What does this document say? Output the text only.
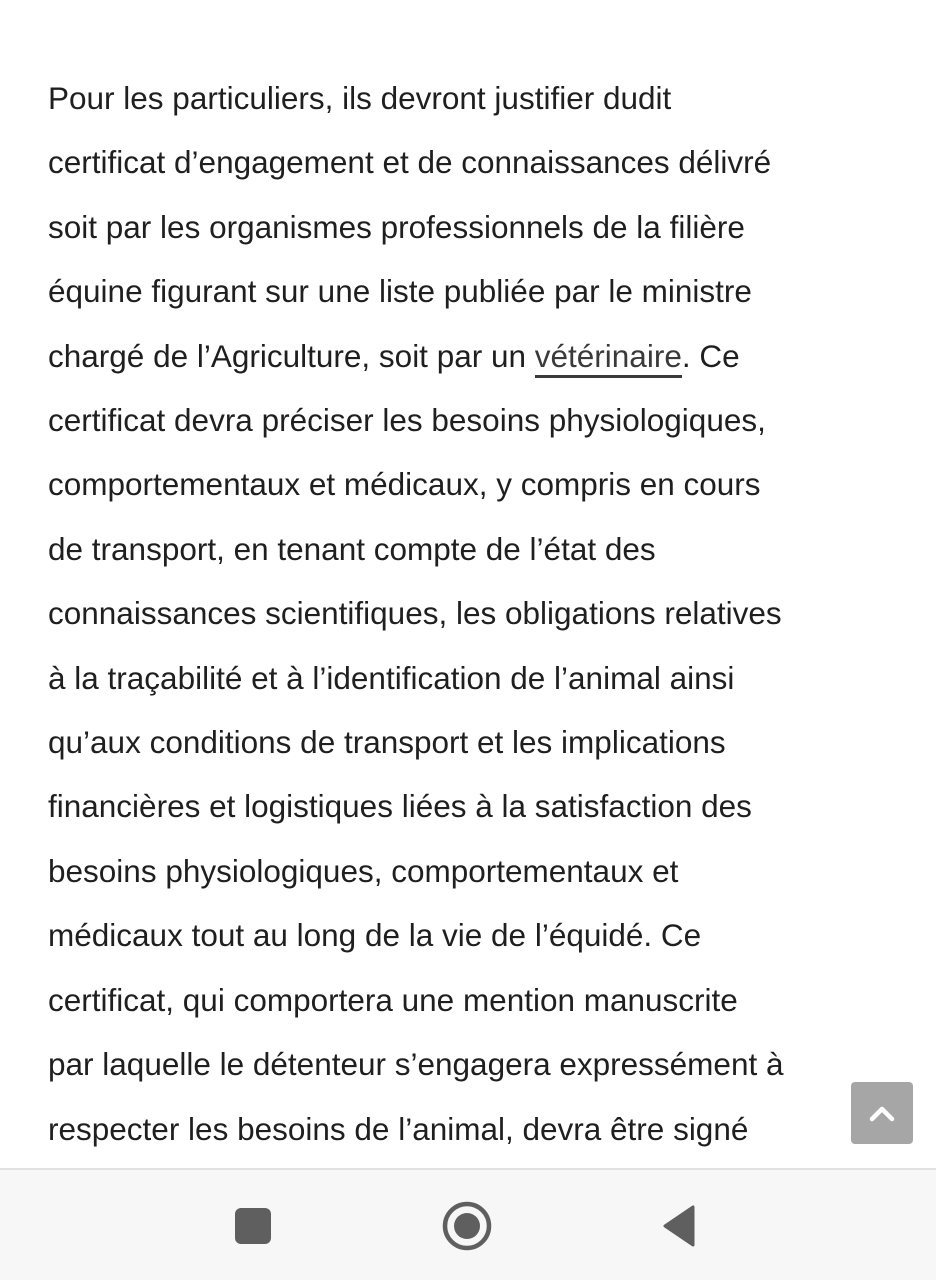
Pour les particuliers, ils devront justifier dudit
certificat d’engagement et de connaissances délivré
soit par les organismes professionnels de la filière
équine figurant sur une liste publiée par le ministre
chargé de l’Agriculture, soit par un vétérinaire. Ce
certificat devra préciser les besoins physiologiques,
comportementaux et médicaux, y compris en cours
de transport, en tenant compte de l’état des
connaissances scientifiques, les obligations relatives
à la traçabilité et à l’identification de l’animal ainsi
qu’aux conditions de transport et les implications
financières et logistiques liées à la satisfaction des
besoins physiologiques, comportementaux et
médicaux tout au long de la vie de l’équidé. Ce
certificat, qui comportera une mention manuscrite
par laquelle le détenteur s’engagera expressément à
respecter les besoins de l’animal, devra être signé
